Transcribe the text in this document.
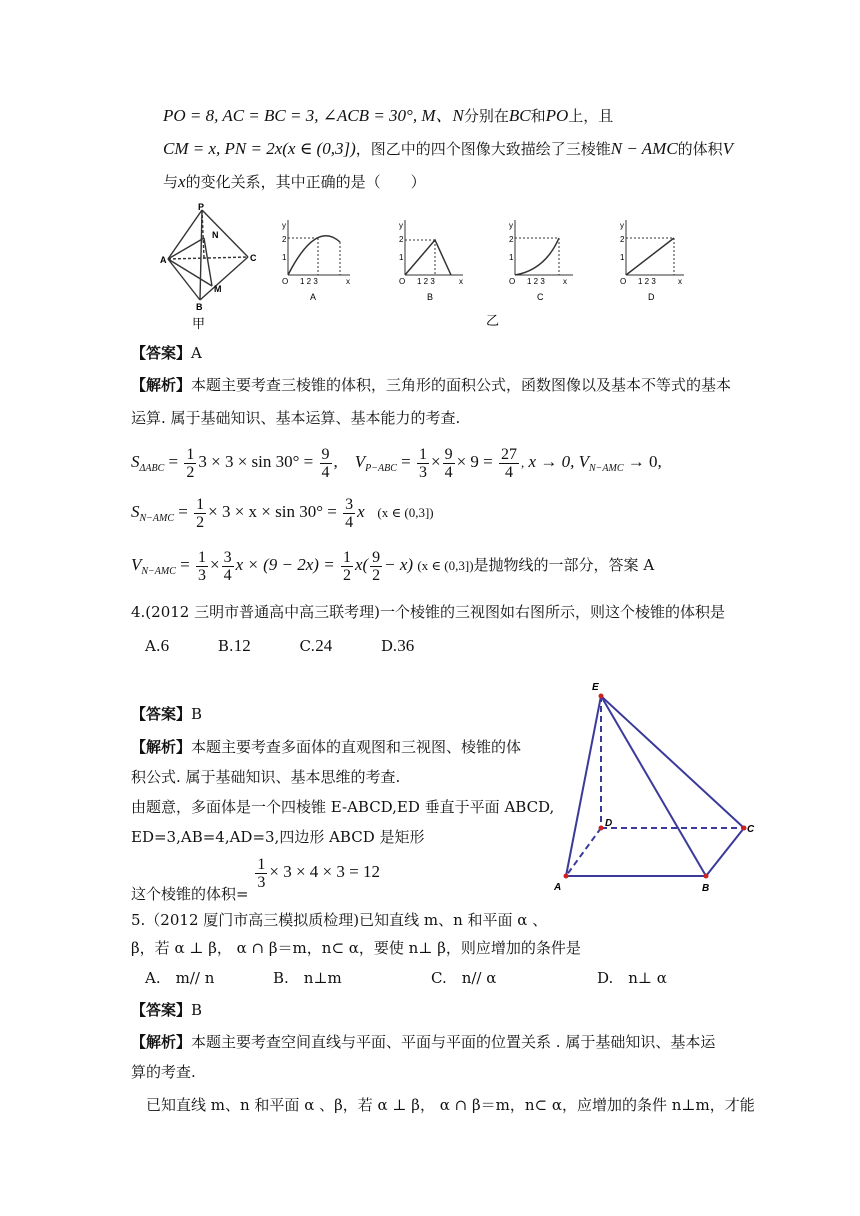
PO = 8, AC = BC = 3, ∠ACB = 30°, M、N分别在BC和PO上，且
CM = x, PN = 2x(x ∈ (0,3])，图乙中的四个图像大致描绘了三棱锥N − AMC的体积V
与x的变化关系，其中正确的是（　　）
P
N
A	C
B
M
甲	乙
y
2
1
O 1 2 3	x
A
y
2
1
O 1 2 3	x
B
y
2
1
O 1 2 3 x
C
y
2
1
O 1 2 3	x
D
【答案】A
【解析】本题主要考查三棱锥的体积，三角形的面积公式，函数图像以及基本不等式的基本
运算. 属于基础知识、基本运算、基本能力的考查.
$S_{\Delta ABC} = \frac{1}{2} 3 \times 3 \times \sin 30^\circ = \frac{9}{4}$ ,    $V_{P-ABC} = \frac{1}{3} \times \frac{9}{4} \times 9 = \frac{27}{4}$ , x → 0, $V_{N-AMC} \to 0$,
$S_{N-AMC} = \frac{1}{2} \times 3 \times x \times \sin 30^\circ = \frac{3}{4}$ x (x ∈ (0,3])
$V_{N-AMC} = \frac{1}{3} \times \frac{3}{4}$ $x \times (9 - 2x) = \frac{1}{2} x( \frac{9}{2} - x)$ (x ∈ (0,3])是抛物线的一部分，答案 A
4.(2012 三明市普通高中高三联考理)一个棱锥的三视图如右图所示，则这个棱锥的体积是
A.6	B.12	C.24	D.36
【答案】B
【解析】本题主要考查多面体的直观图和三视图、棱锥的体
积公式. 属于基础知识、基本思维的考查.
由题意，多面体是一个四棱锥 E-ABCD,ED 垂直于平面 ABCD,
ED=3,AB=4,AD=3,四边形 ABCD 是矩形
这个棱锥的体积=
$\frac{1}{3} \times 3 \times 4 \times 3 = 12$
E
D
C
A	B
5.（2012 厦门市高三模拟质检理)已知直线 m、n 和平面 α 、
β，若 α ⊥ β， α ∩ β＝m，n⊂ α，要使 n⊥ β，则应增加的条件是
A.　m// n	B.　n⊥m	C.　n// α	D.　n⊥ α
【答案】B
【解析】本题主要考查空间直线与平面、平面与平面的位置关系 . 属于基础知识、基本运
算的考查.
已知直线 m、n 和平面 α 、β，若 α ⊥ β， α ∩ β＝m，n⊂ α，应增加的条件 n⊥m，才能
